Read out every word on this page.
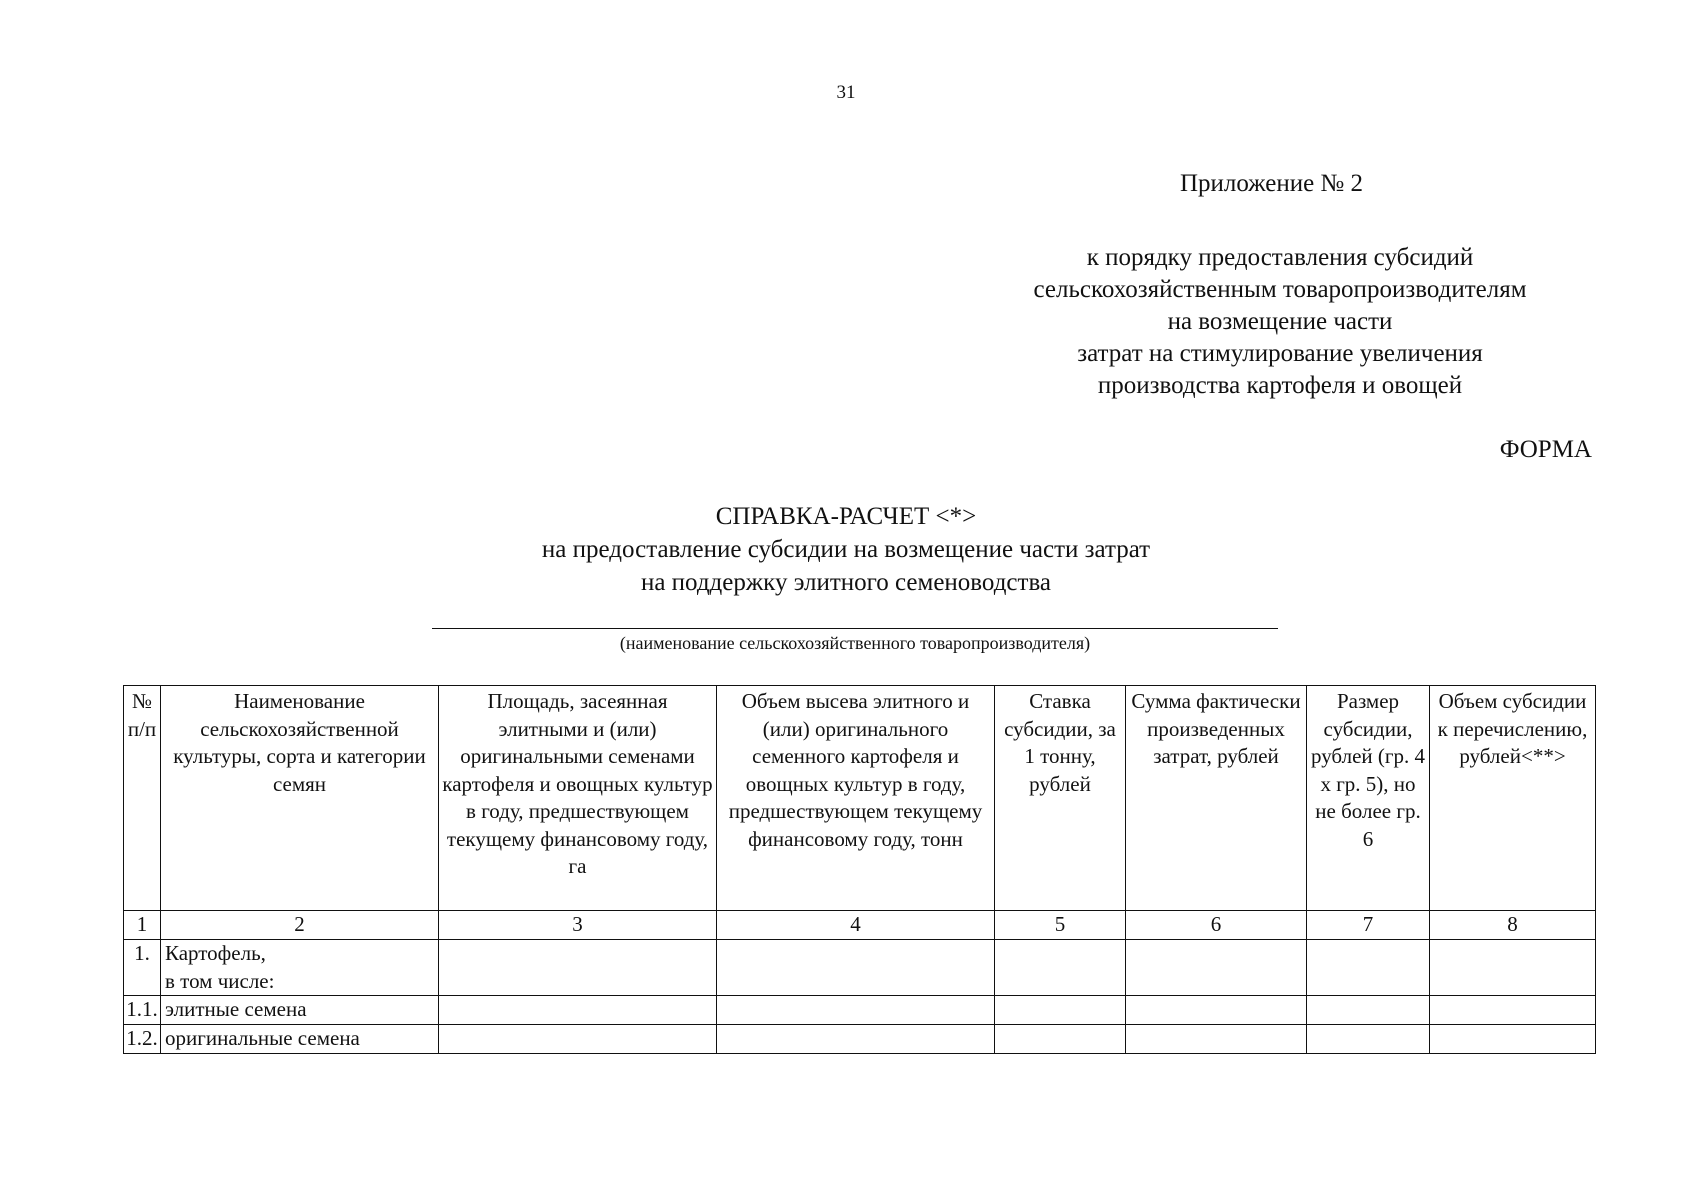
31
Приложение № 2
к порядку предоставления субсидий
сельскохозяйственным товаропроизводителям
на возмещение части
затрат на стимулирование увеличения
производства картофеля и овощей
ФОРМА
СПРАВКА-РАСЧЕТ <*>
на предоставление субсидии на возмещение части затрат
на поддержку элитного семеноводства
(наименование сельскохозяйственного товаропроизводителя)
№ п/п	Наименование сельскохозяйственной культуры, сорта и категории семян	Площадь, засеянная элитными и (или) оригинальными семенами картофеля и овощных культур в году, предшествующем текущему финансовому году, га	Объем высева элитного и (или) оригинального семенного картофеля и овощных культур в году, предшествующем текущему финансовому году, тонн	Ставка субсидии, за 1 тонну, рублей	Сумма фактически произведенных затрат, рублей	Размер субсидии, рублей (гр. 4 х гр. 5), но не более гр. 6	Объем субсидии к перечислению, рублей<**>
1	2	3	4	5	6	7	8
1.	Картофель,
в том числе:						

1.1.	элитные семена						
1.2.	оригинальные семена						
